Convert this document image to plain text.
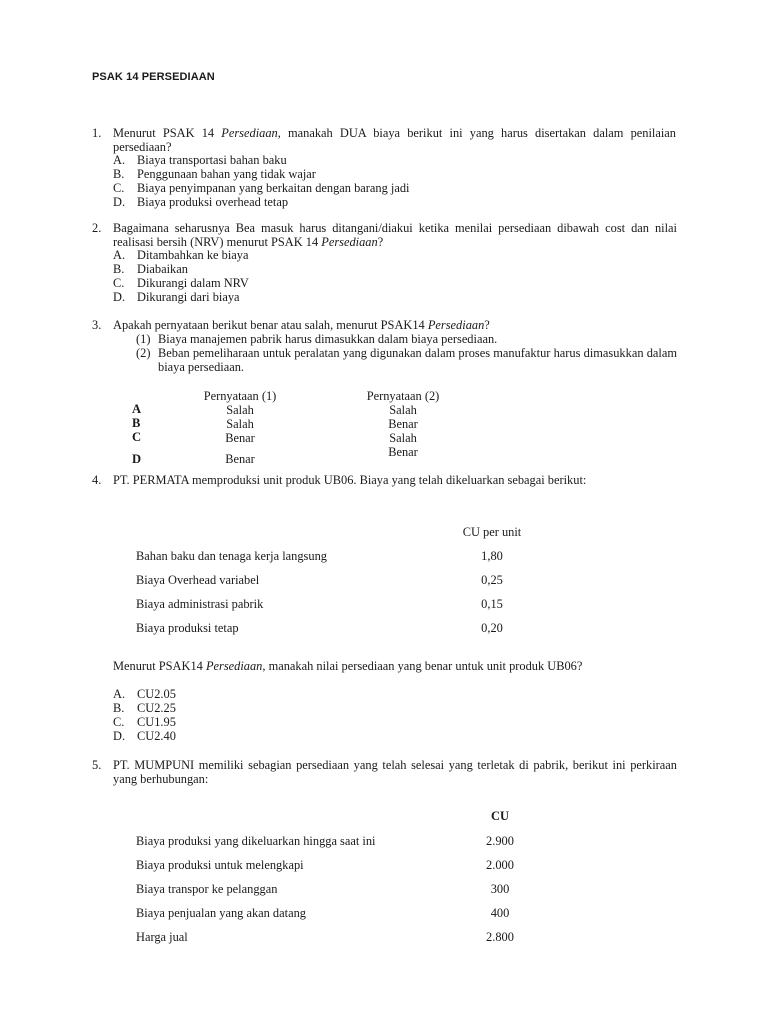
PSAK 14 PERSEDIAAN
1. Menurut PSAK 14 Persediaan, manakah DUA biaya berikut ini yang harus disertakan dalam penilaian persediaan?
A. Biaya transportasi bahan baku
B. Penggunaan bahan yang tidak wajar
C. Biaya penyimpanan yang berkaitan dengan barang jadi
D. Biaya produksi overhead tetap
2. Bagaimana seharusnya Bea masuk harus ditangani/diakui ketika menilai persediaan dibawah cost dan nilai realisasi bersih (NRV) menurut PSAK 14 Persediaan?
A. Ditambahkan ke biaya
B. Diabaikan
C. Dikurangi dalam NRV
D. Dikurangi dari biaya
3. Apakah pernyataan berikut benar atau salah, menurut PSAK14 Persediaan?
(1) Biaya manajemen pabrik harus dimasukkan dalam biaya persediaan.
(2) Beban pemeliharaan untuk peralatan yang digunakan dalam proses manufaktur harus dimasukkan dalam biaya persediaan.
Pernyataan (1)	Pernyataan (2)
A	Salah	Salah
B	Salah	Benar
C	Benar	Salah
D	Benar	Benar
4. PT. PERMATA memproduksi unit produk UB06. Biaya yang telah dikeluarkan sebagai berikut:
CU per unit
Bahan baku dan tenaga kerja langsung	1,80
Biaya Overhead variabel	0,25
Biaya administrasi pabrik	0,15
Biaya produksi tetap	0,20
Menurut PSAK14 Persediaan, manakah nilai persediaan yang benar untuk unit produk UB06?
A. CU2.05
B. CU2.25
C. CU1.95
D. CU2.40
5. PT. MUMPUNI memiliki sebagian persediaan yang telah selesai yang terletak di pabrik, berikut ini perkiraan yang berhubungan:
CU
Biaya produksi yang dikeluarkan hingga saat ini	2.900
Biaya produksi untuk melengkapi	2.000
Biaya transpor ke pelanggan	300
Biaya penjualan yang akan datang	400
Harga jual	2.800
